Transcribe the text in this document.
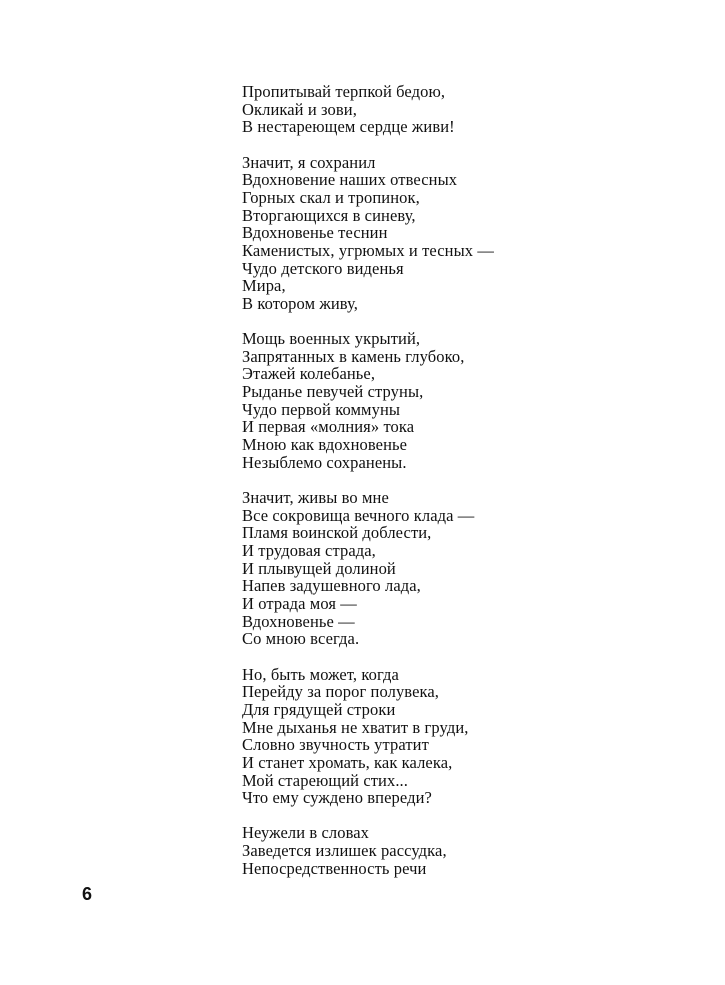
Пропитывай терпкой бедою,
Окликай и зови,
В нестареющем сердце живи!
Значит, я сохранил
Вдохновение наших отвесных
Горных скал и тропинок,
Вторгающихся в синеву,
Вдохновенье теснин
Каменистых, угрюмых и тесных —
Чудо детского виденья
Мира,
В котором живу,
Мощь военных укрытий,
Запрятанных в камень глубоко,
Этажей колебанье,
Рыданье певучей струны,
Чудо первой коммуны
И первая «молния» тока
Мною как вдохновенье
Незыблемо сохранены.
Значит, живы во мне
Все сокровища вечного клада —
Пламя воинской доблести,
И трудовая страда,
И плывущей долиной
Напев задушевного лада,
И отрада моя —
Вдохновенье —
Со мною всегда.
Но, быть может, когда
Перейду за порог полувека,
Для грядущей строки
Мне дыханья не хватит в груди,
Словно звучность утратит
И станет хромать, как калека,
Мой стареющий стих...
Что ему суждено впереди?
Неужели в словах
Заведется излишек рассудка,
Непосредственность речи
6
